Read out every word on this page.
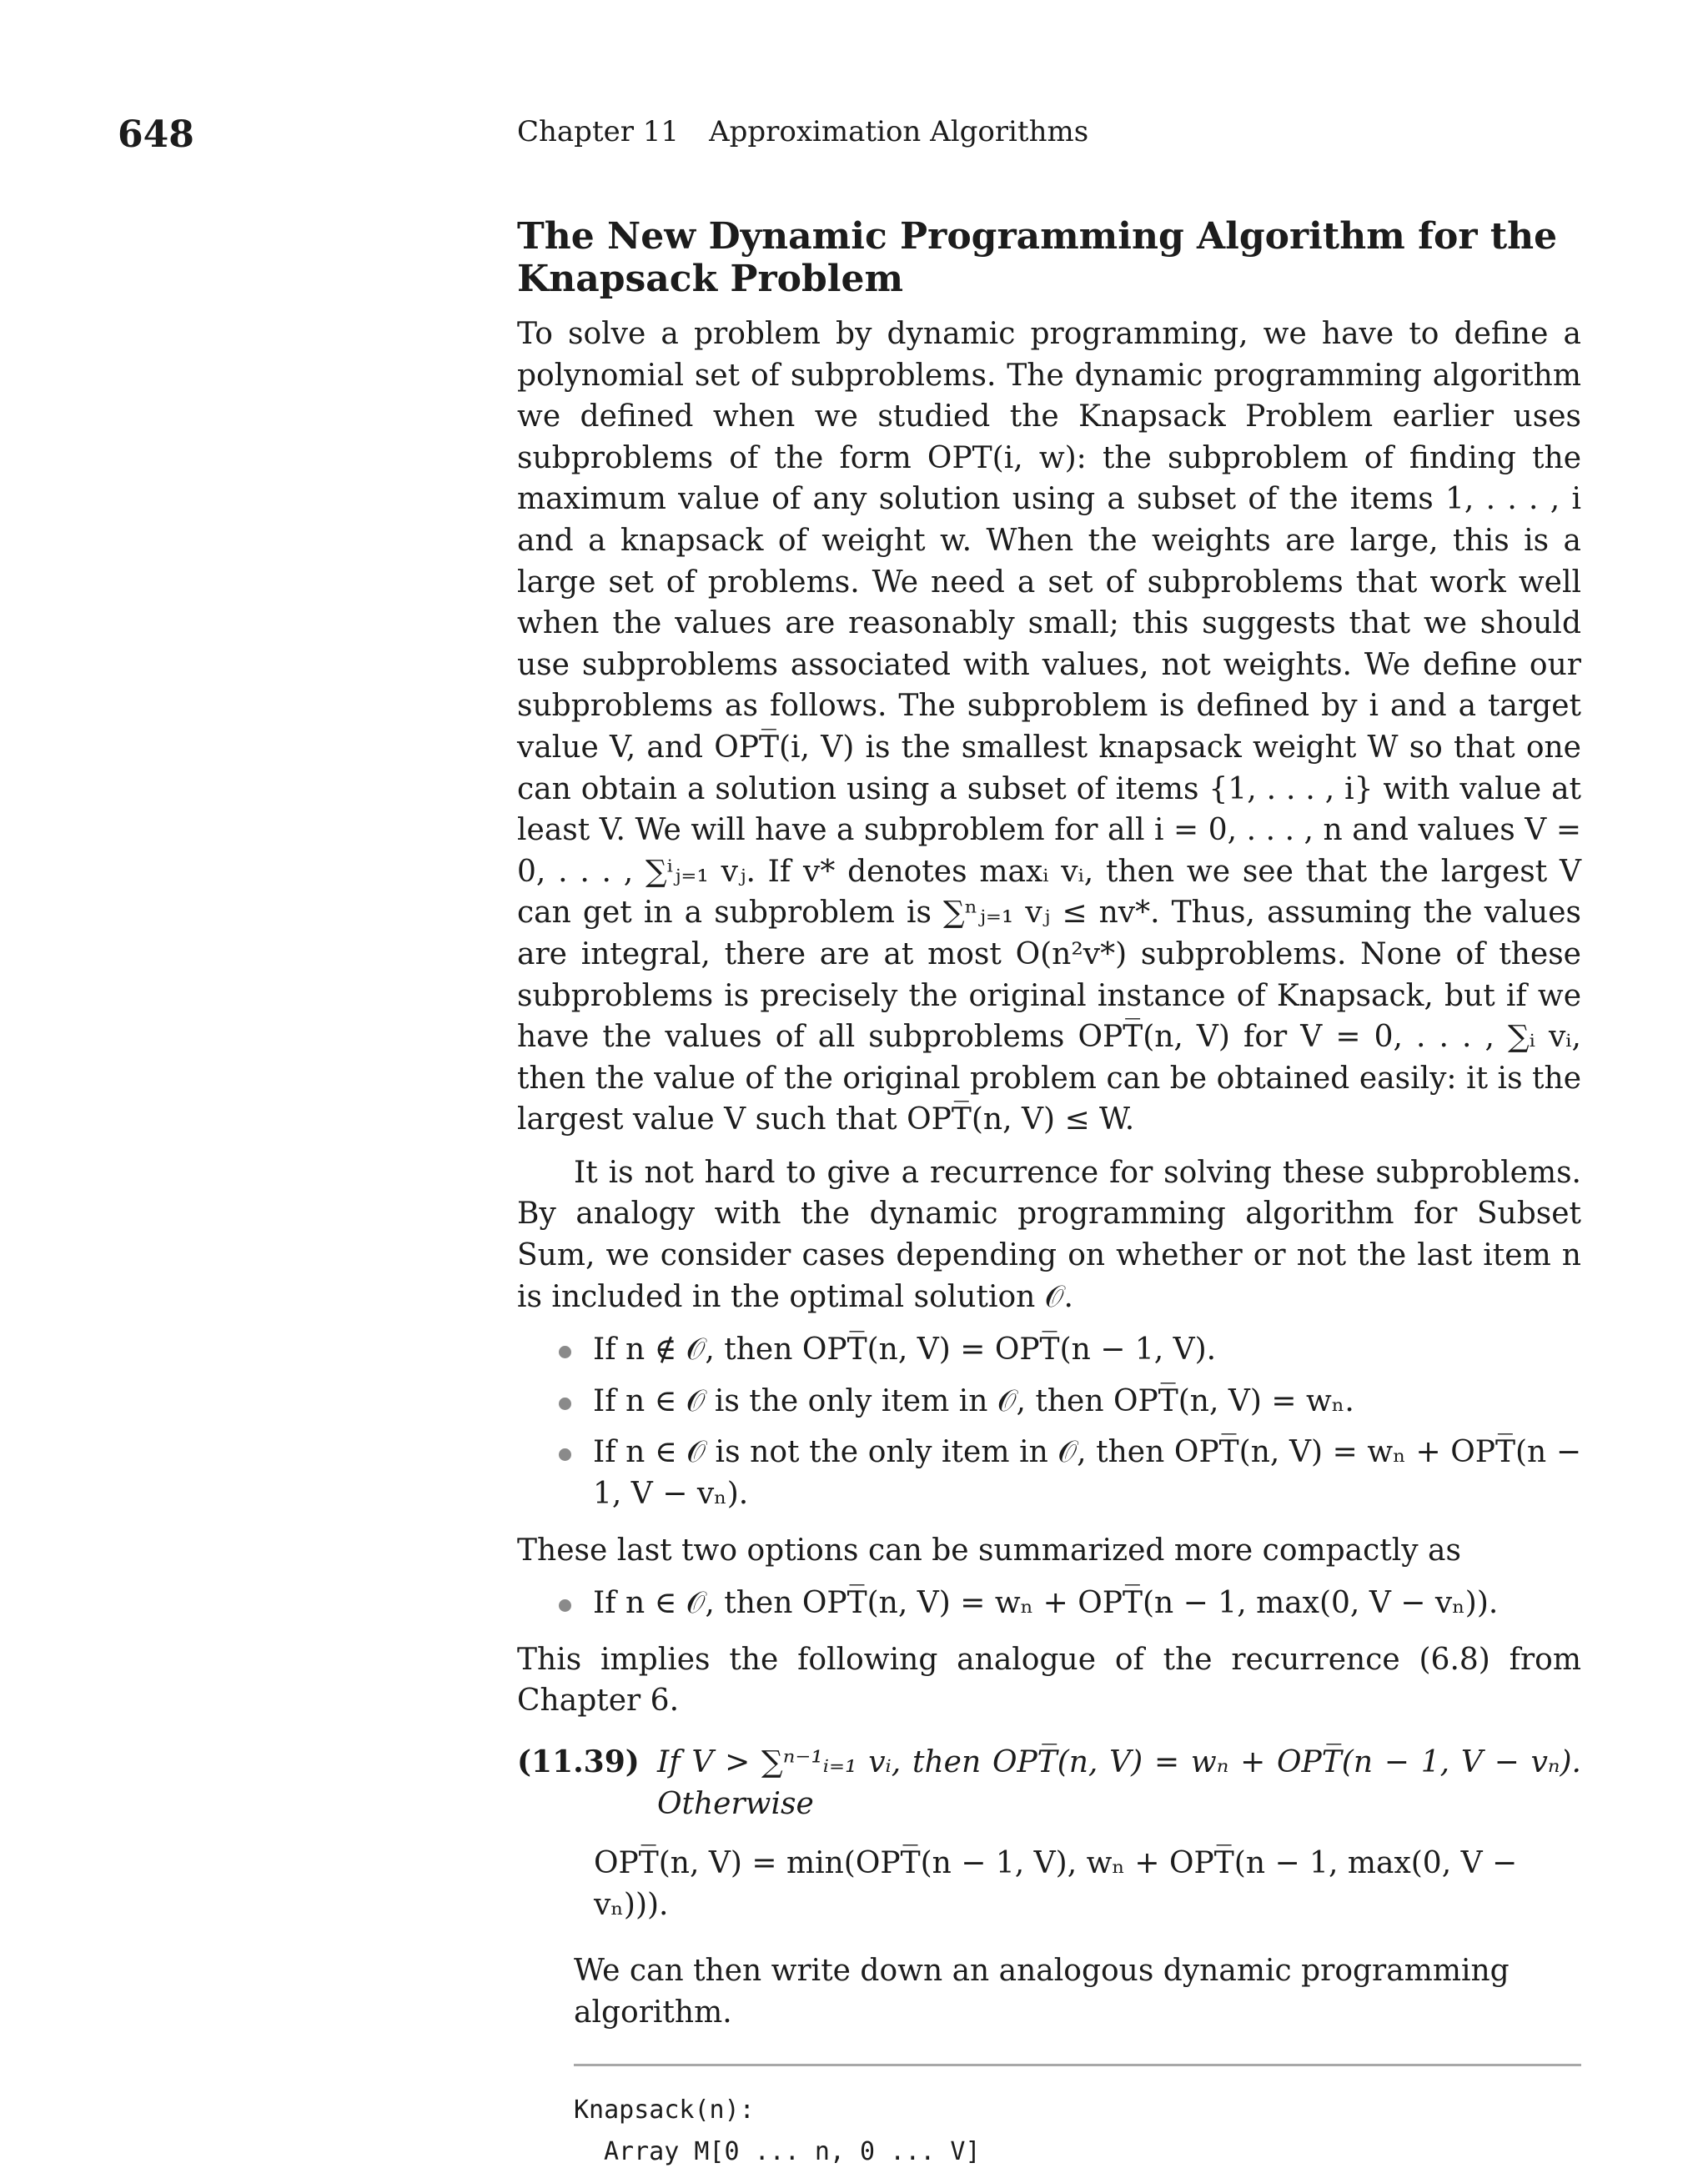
648	Chapter 11 Approximation Algorithms
The New Dynamic Programming Algorithm for the Knapsack Problem

To solve a problem by dynamic programming, we have to define a polynomial set of subproblems. The dynamic programming algorithm we defined when we studied the Knapsack Problem earlier uses subproblems of the form OPT(i, w): the subproblem of finding the maximum value of any solution using a subset of the items 1, . . . , i and a knapsack of weight w. When the weights are large, this is a large set of problems. We need a set of subproblems that work well when the values are reasonably small; this suggests that we should use subproblems associated with values, not weights. We define our subproblems as follows. The subproblem is defined by i and a target value V, and OPT̅(i, V) is the smallest knapsack weight W so that one can obtain a solution using a subset of items {1, . . . , i} with value at least V. We will have a subproblem for all i = 0, . . . , n and values V = 0, . . . , ∑ⁱⱼ₌₁ vⱼ. If v* denotes maxᵢ vᵢ, then we see that the largest V can get in a subproblem is ∑ⁿⱼ₌₁ vⱼ ≤ nv*. Thus, assuming the values are integral, there are at most O(n²v*) subproblems. None of these subproblems is precisely the original instance of Knapsack, but if we have the values of all subproblems OPT̅(n, V) for V = 0, . . . , ∑ᵢ vᵢ, then the value of the original problem can be obtained easily: it is the largest value V such that OPT̅(n, V) ≤ W.

It is not hard to give a recurrence for solving these subproblems. By analogy with the dynamic programming algorithm for Subset Sum, we consider cases depending on whether or not the last item n is included in the optimal solution 𝒪.

If n ∉ 𝒪, then OPT̅(n, V) = OPT̅(n − 1, V).
If n ∈ 𝒪 is the only item in 𝒪, then OPT̅(n, V) = wₙ.
If n ∈ 𝒪 is not the only item in 𝒪, then OPT̅(n, V) = wₙ + OPT̅(n − 1, V − vₙ).

These last two options can be summarized more compactly as

If n ∈ 𝒪, then OPT̅(n, V) = wₙ + OPT̅(n − 1, max(0, V − vₙ)).

This implies the following analogue of the recurrence (6.8) from Chapter 6.

(11.39) If V > ∑ⁿ⁻¹ᵢ₌₁ vᵢ, then OPT̅(n, V) = wₙ + OPT̅(n − 1, V − vₙ). Otherwise
OPT̅(n, V) = min(OPT̅(n − 1, V), wₙ + OPT̅(n − 1, max(0, V − vₙ))).

We can then write down an analogous dynamic programming algorithm.

Knapsack(n):
Array M[0 ... n, 0 ... V]
